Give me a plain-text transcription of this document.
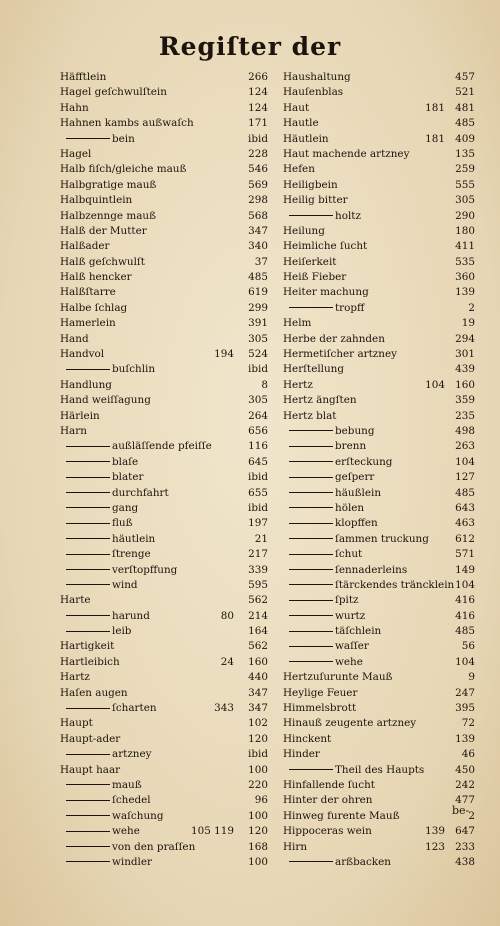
Regiſter der
Häfftlein	266
Hagel geſchwulſtein	124
Hahn	124
Hahnen kambs außwaſch	171
bein	ibid
Hagel	228
Halb fiſch/gleiche mauß	546
Halbgratige mauß	569
Halbquintlein	298
Halbzennge mauß	568
Halß der Mutter	347
Halßader	340
Halß geſchwulſt	37
Halß hencker	485
Halßſtarre	619
Halbe ſchlag	299
Hamerlein	391
Hand	305
Handvol	194	524
buſchlin	ibid
Handlung	8
Hand weiſſagung	305
Härlein	264
Harn	656
außläſſende pfeiſſe	116
blaſe	645
blater	ibid
durchfahrt	655
gang	ibid
fluß	197
häutlein	21
ſtrenge	217
verſtopffung	339
wind	595
Harte	562
harund	80	214
leib	164
Hartigkeit	562
Hartleibich	24	160
Hartz	440
Haſen augen	347
ſcharten	343	347
Haupt	102
Haupt-ader	120
artzney	ibid
Haupt haar	100
mauß	220
ſchedel	96
waſchung	100
wehe	105 119	120
von den praſſen	168
windler	100
Haushaltung	457
Hauſenblas	521
Haut	181 481
Hautle	485
Häutlein	181 409
Haut machende artzney	135
Hefen	259
Heiligbein	555
Heilig bitter	305
holtz	290
Heilung	180
Heimliche ſucht	411
Heiſerkeit	535
Heiß Fieber	360
Heiter machung	139
tropff	2
Helm	19
Herbe der zahnden	294
Hermetiſcher artzney	301
Herſtellung	439
Hertz	104 160
Hertz ängſten	359
Hertz blat	235
bebung	498
brenn	263
erſteckung	104
geſperr	127
häußlein	485
hölen	643
klopffen	463
ſammen truckung	612
ſchut	571
ſennaderleins	149
ſtärckendes träncklein 104
ſpitz	416
wurtz	416
täſchlein	485
waſſer	56
wehe	104
Hertzuſurunte Mauß	9
Heylige Feuer	247
Himmelsbrott	395
Hinauß zeugente artzney	72
Hinckent	139
Hinder	46
Theil des Haupts	450
Hinfallende ſucht	242
Hinter der ohren	477
Hinweg furente Mauß	2
Hippoceras wein	139 647
Hirn	123 233
arßbacken	438
be-
